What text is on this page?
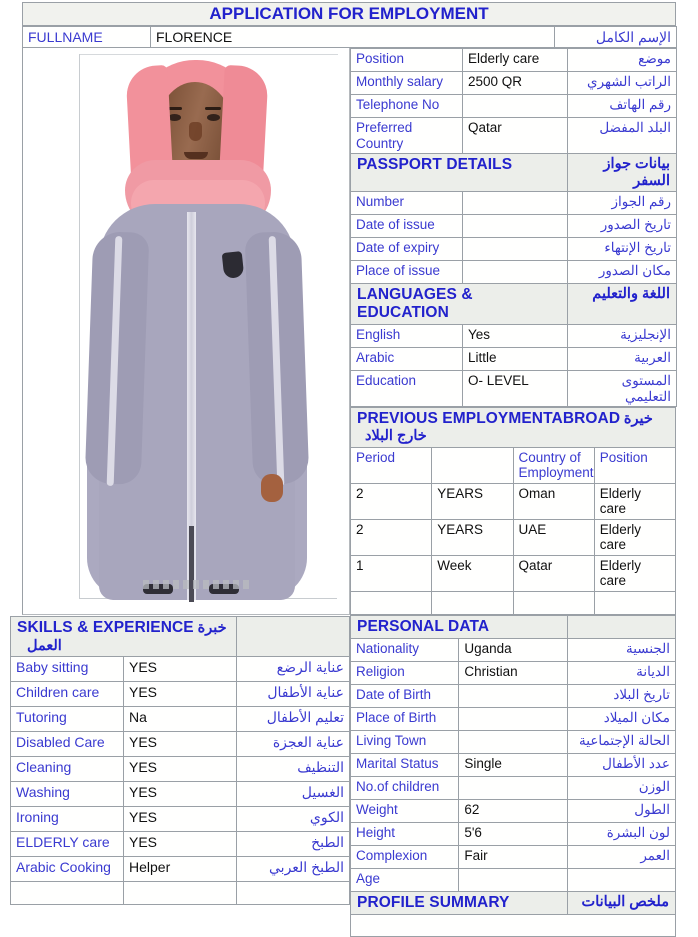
APPLICATION FOR EMPLOYMENT
FULLNAME	FLORENCE	الإسم الكامل
Position	Elderly care	موضع
Monthly salary	2500 QR	الراتب الشهري
Telephone No		رقم الهاتف
Preferred Country	Qatar	البلد المفضل
PASSPORT DETAILS		بيانات جواز السفر
Number		رقم الجواز
Date of issue		تاريخ الصدور
Date of expiry		تاريخ الإنتهاء
Place of issue		مكان الصدور
LANGUAGES & EDUCATION		اللغة والتعليم
English	Yes	الإنجليزية
Arabic	Little	العربية
Education	O- LEVEL	المستوى التعليمي
PREVIOUS EMPLOYMENTABROAD خيرة خارج البلاد			
Period		Country of Employment	Position
2	YEARS	Oman	Elderly care
2	YEARS	UAE	Elderly care
1	Week	Qatar	Elderly care

PERSONAL DATA		
Nationality	Uganda	الجنسية
Religion	Christian	الديانة
Date of Birth		تاريخ البلاد
Place of Birth		مكان الميلاد
Living Town		الحالة الإجتماعية
Marital Status	Single	عدد الأطفال
No.of children		الوزن
Weight	62	الطول
Height	5'6	لون البشرة
Complexion	Fair	العمر
Age		
PROFILE SUMMARY		ملخص البيانات

SKILLS & EXPERIENCE خبرة العمل		
Baby sitting	YES	عناية الرضع
Children care	YES	عناية الأطفال
Tutoring	Na	تعليم الأطفال
Disabled Care	YES	عناية العجزة
Cleaning	YES	التنظيف
Washing	YES	الغسيل
Ironing	YES	الكوي
ELDERLY care	YES	الطبخ
Arabic Cooking	Helper	الطبخ العربي
